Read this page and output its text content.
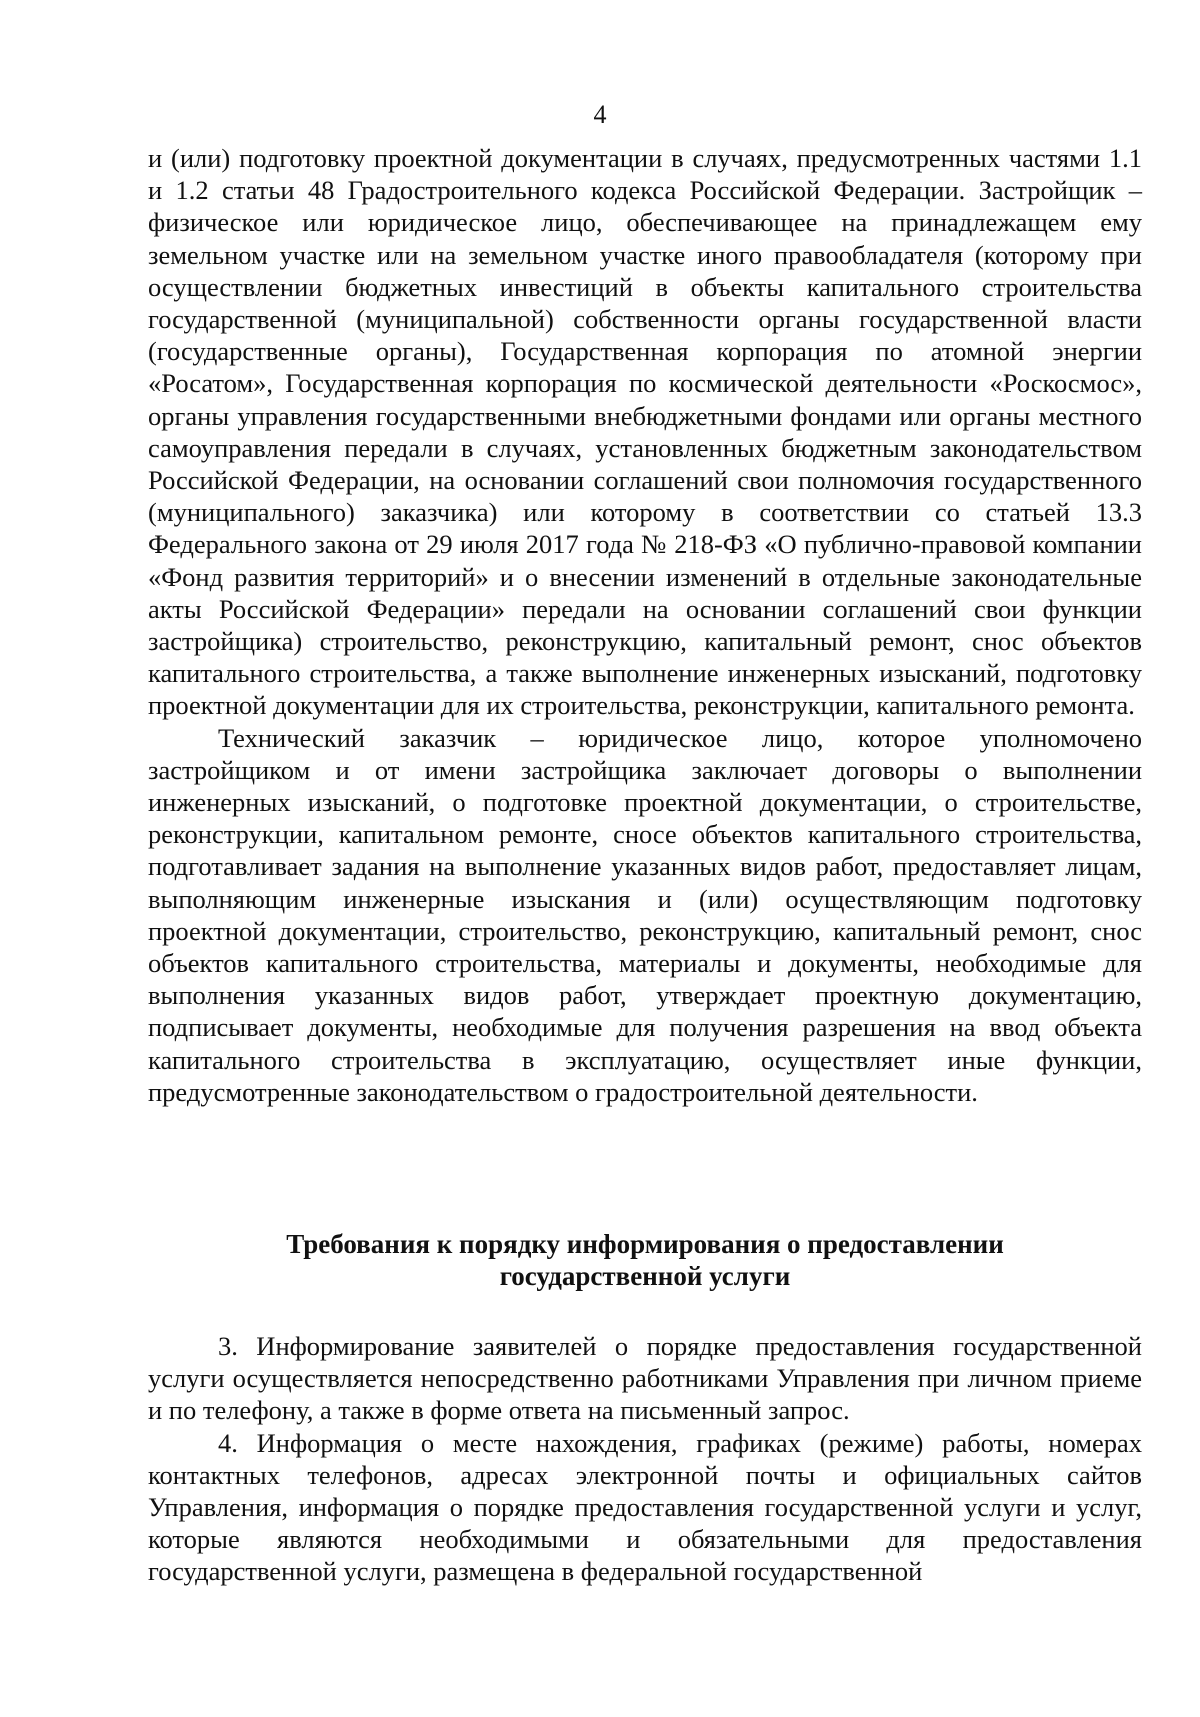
4

и (или) подготовку проектной документации в случаях, предусмотренных частями 1.1 и 1.2 статьи 48 Градостроительного кодекса Российской Федерации. Застройщик – физическое или юридическое лицо, обеспечивающее на принадлежащем ему земельном участке или на земельном участке иного правообладателя (которому при осуществлении бюджетных инвестиций в объекты капитального строительства государственной (муниципальной) собственности органы государственной власти (государственные органы), Государственная корпорация по атомной энергии «Росатом», Государственная корпорация по космической деятельности «Роскосмос», органы управления государственными внебюджетными фондами или органы местного самоуправления передали в случаях, установленных бюджетным законодательством Российской Федерации, на основании соглашений свои полномочия государственного (муниципального) заказчика) или которому в соответствии со статьей 13.3 Федерального закона от 29 июля 2017 года № 218-ФЗ «О публично-правовой компании «Фонд развития территорий» и о внесении изменений в отдельные законодательные акты Российской Федерации» передали на основании соглашений свои функции застройщика) строительство, реконструкцию, капитальный ремонт, снос объектов капитального строительства, а также выполнение инженерных изысканий, подготовку проектной документации для их строительства, реконструкции, капитального ремонта.

Технический заказчик – юридическое лицо, которое уполномочено застройщиком и от имени застройщика заключает договоры о выполнении инженерных изысканий, о подготовке проектной документации, о строительстве, реконструкции, капитальном ремонте, сносе объектов капитального строительства, подготавливает задания на выполнение указанных видов работ, предоставляет лицам, выполняющим инженерные изыскания и (или) осуществляющим подготовку проектной документации, строительство, реконструкцию, капитальный ремонт, снос объектов капитального строительства, материалы и документы, необходимые для выполнения указанных видов работ, утверждает проектную документацию, подписывает документы, необходимые для получения разрешения на ввод объекта капитального строительства в эксплуатацию, осуществляет иные функции, предусмотренные законодательством о градостроительной деятельности.

Требования к порядку информирования о предоставлении
государственной услуги

3. Информирование заявителей о порядке предоставления государственной услуги осуществляется непосредственно работниками Управления при личном приеме и по телефону, а также в форме ответа на письменный запрос.

4. Информация о месте нахождения, графиках (режиме) работы, номерах контактных телефонов, адресах электронной почты и официальных сайтов Управления, информация о порядке предоставления государственной услуги и услуг, которые являются необходимыми и обязательными для предоставления государственной услуги, размещена в федеральной государственной
